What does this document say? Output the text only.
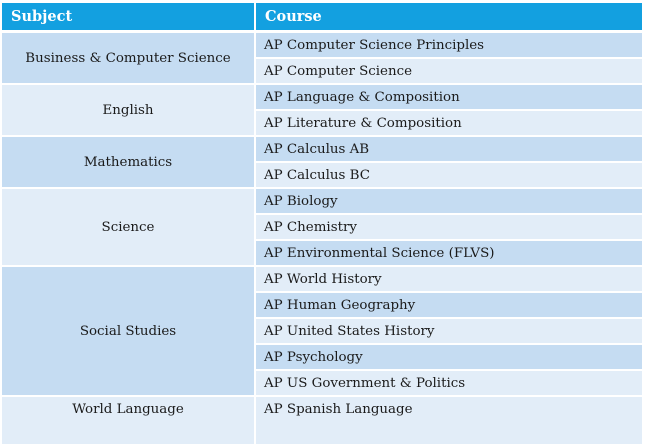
Subject	Course
Business & Computer Science	AP Computer Science Principles
	AP Computer Science
English	AP Language & Composition
	AP Literature & Composition
Mathematics	AP Calculus AB
	AP Calculus BC
Science	AP Biology
	AP Chemistry
	AP Environmental Science (FLVS)
Social Studies	AP World History
	AP Human Geography
	AP United States History
	AP Psychology
	AP US Government & Politics
World Language	AP Spanish Language
